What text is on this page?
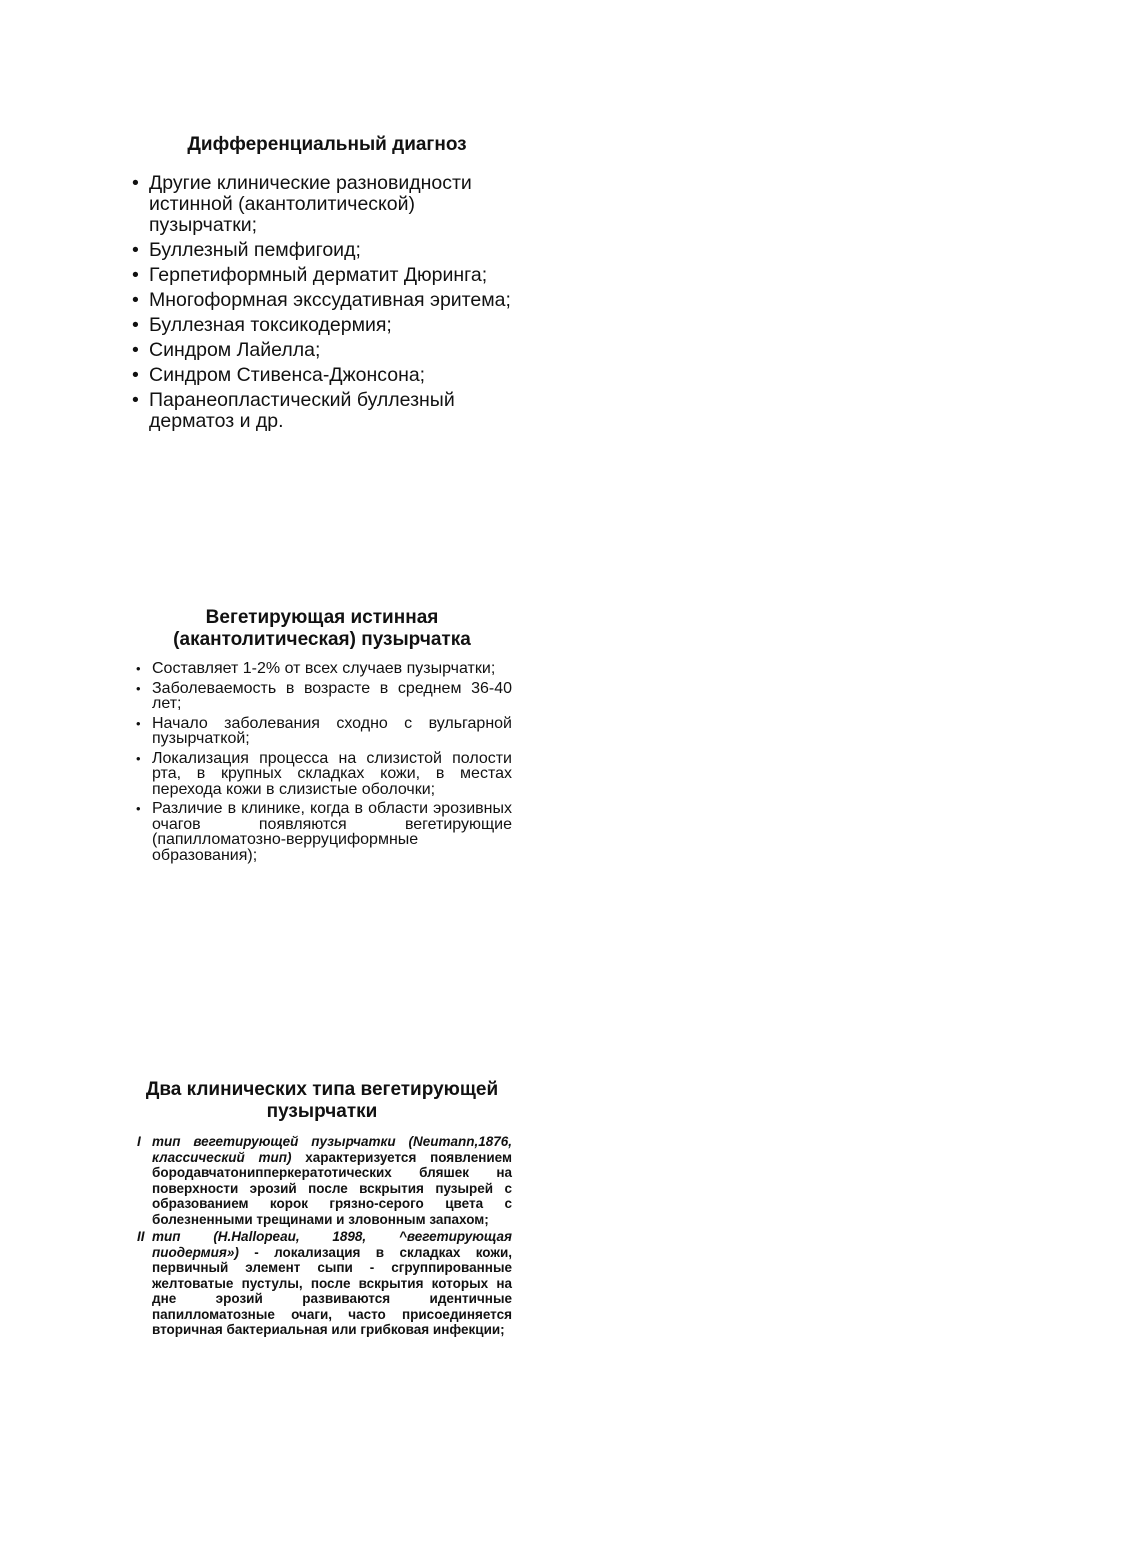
Дифференциальный диагноз
• Другие клинические разновидности истинной (акантолитической) пузырчатки;
• Буллезный пемфигоид;
• Герпетиформный дерматит Дюринга;
• Многоформная экссудативная эритема;
• Буллезная токсикодермия;
• Синдром Лайелла;
• Синдром Стивенса-Джонсона;
• Паранеопластический буллезный дерматоз и др.
Вегетирующая истинная
(акантолитическая) пузырчатка
• Составляет 1-2% от всех случаев пузырчатки;
• Заболеваемость в возрасте в среднем 36-40 лет;
• Начало заболевания сходно с вульгарной пузырчаткой;
• Локализация процесса на слизистой полости рта, в крупных складках кожи, в местах перехода кожи в слизистые оболочки;
• Различие в клинике, когда в области эрозивных очагов появляются вегетирующие (папилломатозно-верруциформные образования);
Два клинических типа вегетирующей
пузырчатки
I тип вегетирующей пузырчатки (Neumann,1876, классический тип) характеризуется появлением бородавчатонипперкератотических бляшек на поверхности эрозий после вскрытия пузырей с образованием корок грязно-серого цвета с болезненными трещинами и зловонным запахом;
II тип (H.Hallopeau, 1898, ^вегетирующая пиодермия») - локализация в складках кожи, первичный элемент сыпи - сгруппированные желтоватые пустулы, после вскрытия которых на дне эрозий развиваются идентичные папилломатозные очаги, часто присоединяется вторичная бактериальная или грибковая инфекции;
